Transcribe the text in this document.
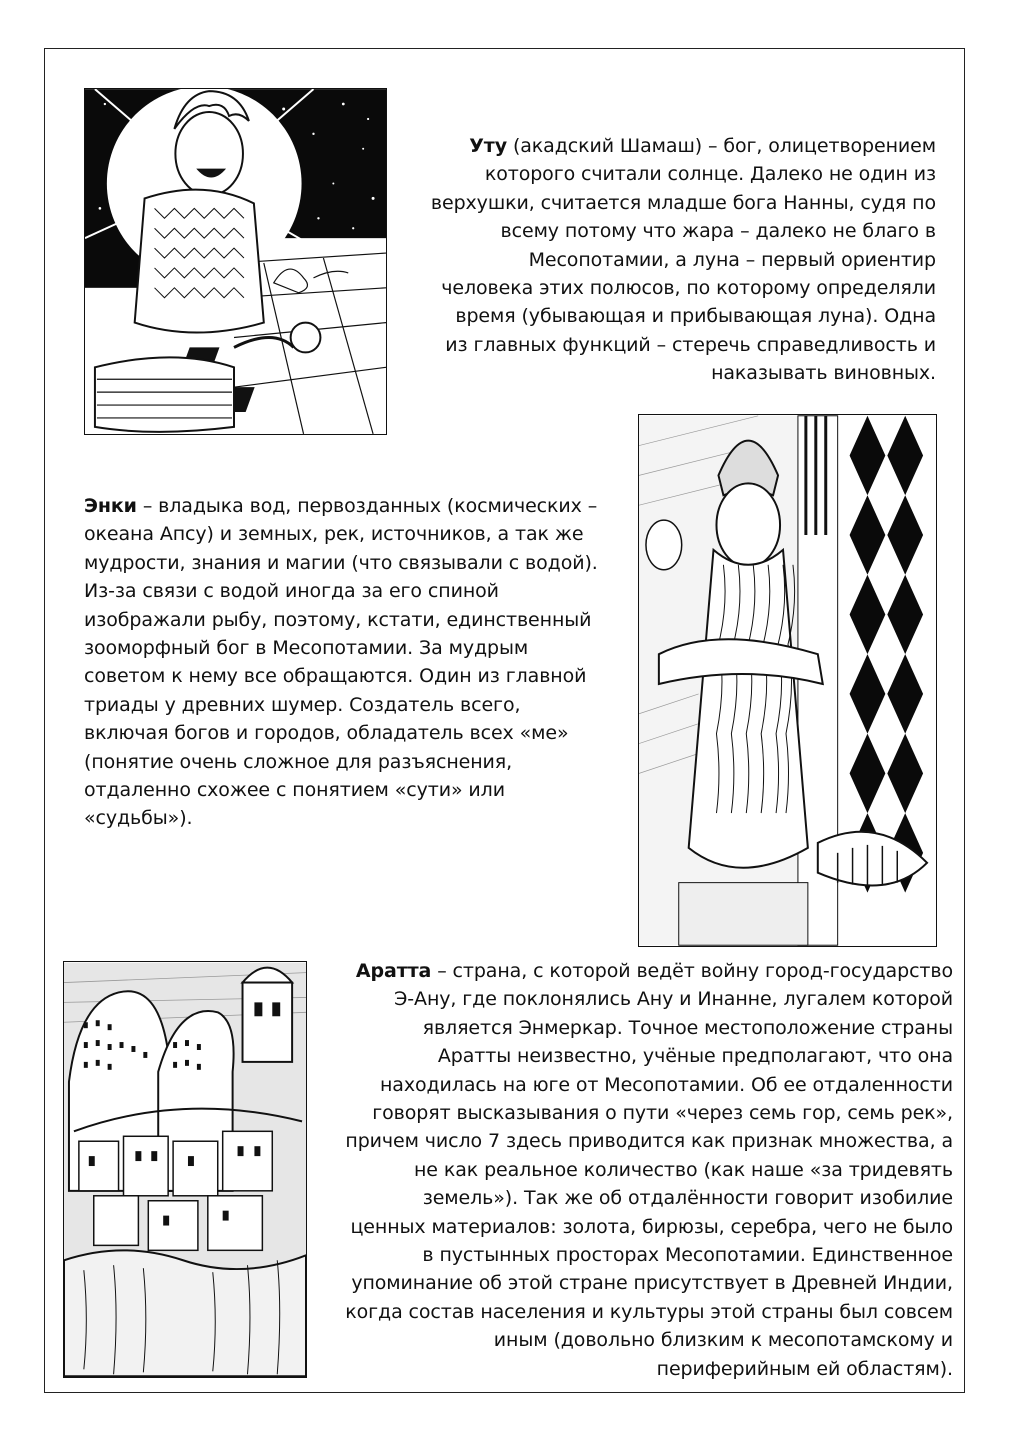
Уту (акадский Шамаш) – бог, олицетворением
которого считали солнце. Далеко не один из
верхушки, считается младше бога Нанны, судя по
всему потому что жара – далеко не благо в
Месопотамии, а луна – первый ориентир
человека этих полюсов, по которому определяли
время (убывающая и прибывающая луна). Одна
из главных функций – стеречь справедливость и
наказывать виновных.
Энки – владыка вод, первозданных (космических –
океана Апсу) и земных, рек, источников, а так же
мудрости, знания и магии (что связывали с водой).
Из-за связи с водой иногда за его спиной
изображали рыбу, поэтому, кстати, единственный
зооморфный бог в Месопотамии. За мудрым
советом к нему все обращаются. Один из главной
триады у древних шумер. Создатель всего,
включая богов и городов, обладатель всех «ме»
(понятие очень сложное для разъяснения,
отдаленно схожее с понятием «сути» или
«судьбы»).
Аратта – страна, с которой ведёт войну город-государство
Э-Ану, где поклонялись Ану и Инанне, лугалем которой
является Энмеркар. Точное местоположение страны
Аратты неизвестно, учёные предполагают, что она
находилась на юге от Месопотамии. Об ее отдаленности
говорят высказывания о пути «через семь гор, семь рек»,
причем число 7 здесь приводится как признак множества, а
не как реальное количество (как наше «за тридевять
земель»). Так же об отдалённости говорит изобилие
ценных материалов: золота, бирюзы, серебра, чего не было
в пустынных просторах Месопотамии. Единственное
упоминание об этой стране присутствует в Древней Индии,
когда состав населения и культуры этой страны был совсем
иным (довольно близким к месопотамскому и
периферийным ей областям).
